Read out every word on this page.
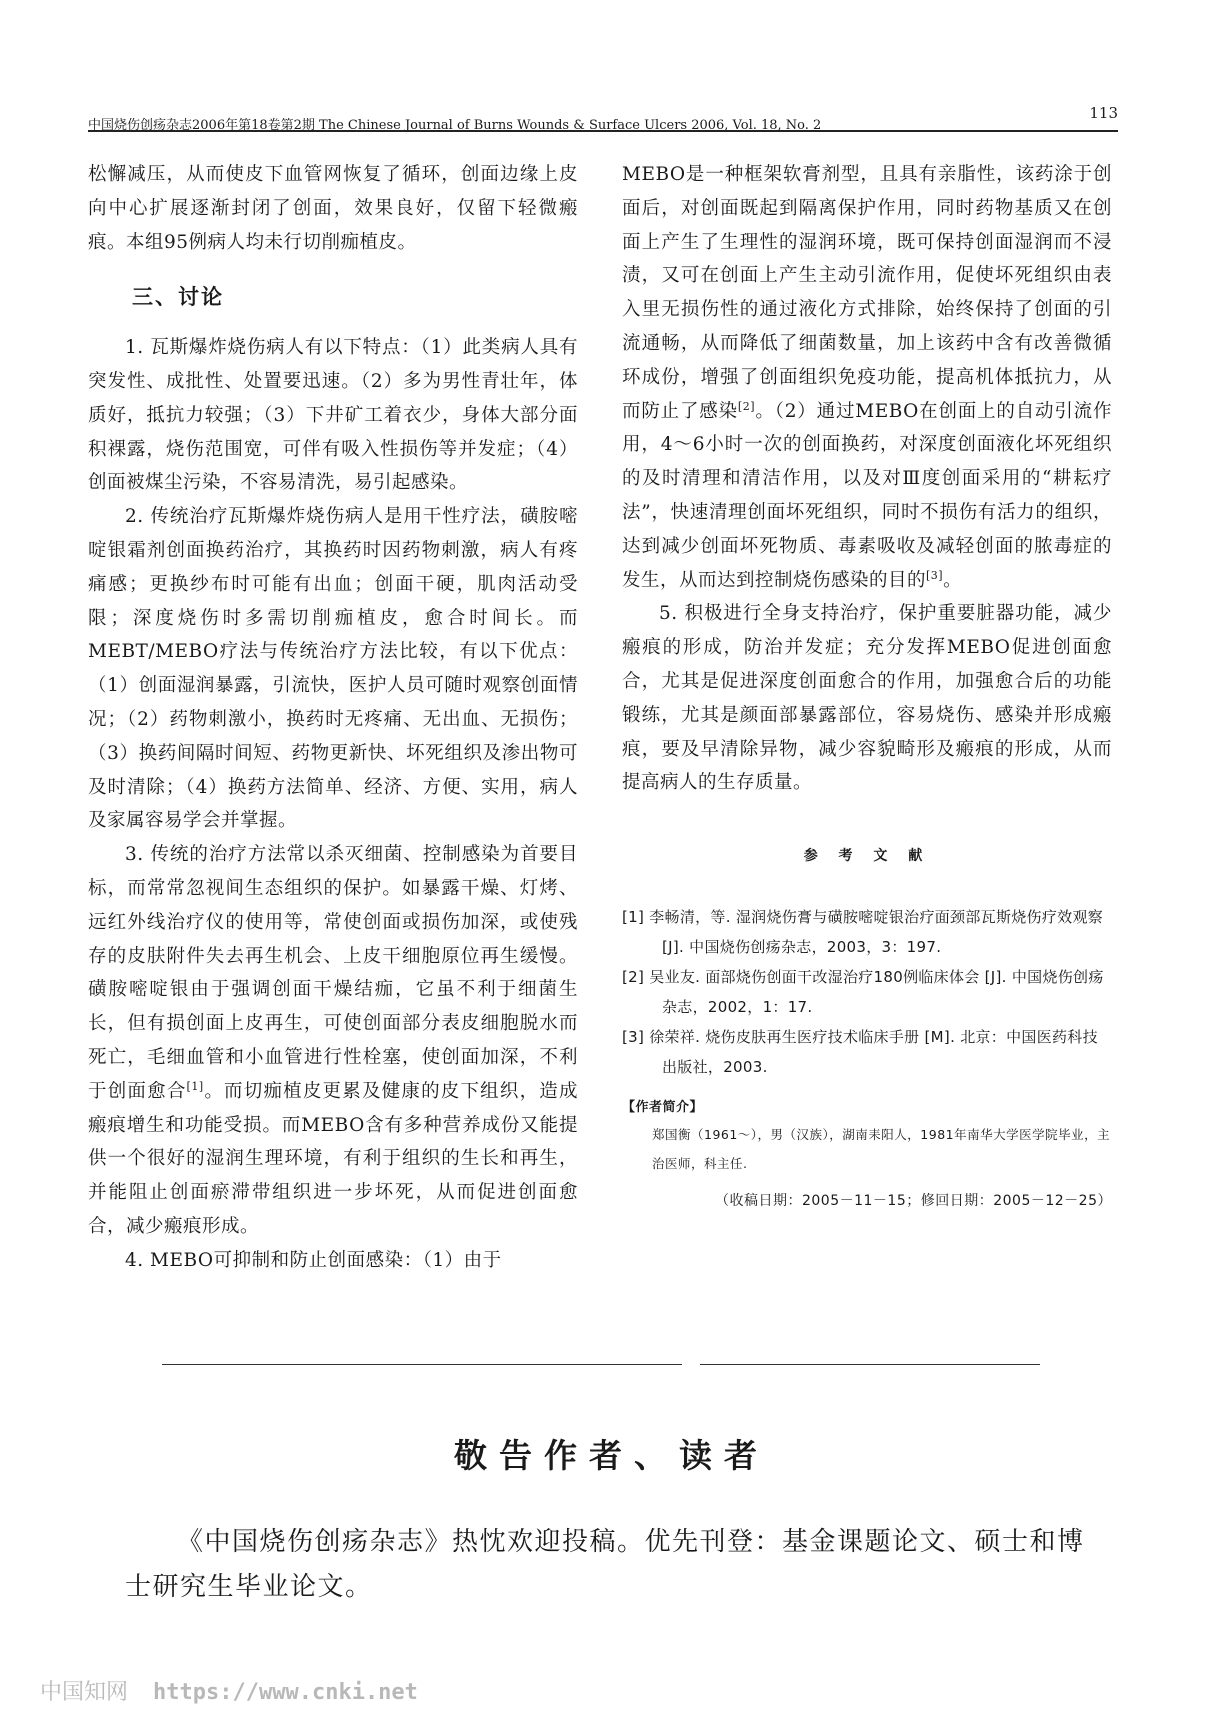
中国烧伤创疡杂志2006年第18卷第2期 The Chinese Journal of Burns Wounds & Surface Ulcers 2006, Vol. 18, No. 2
113

松懈减压，从而使皮下血管网恢复了循环，创面边缘上皮向中心扩展逐渐封闭了创面，效果良好，仅留下轻微瘢痕。本组95例病人均未行切削痂植皮。

三、讨论

1. 瓦斯爆炸烧伤病人有以下特点：（1）此类病人具有突发性、成批性、处置要迅速。（2）多为男性青壮年，体质好，抵抗力较强；（3）下井矿工着衣少，身体大部分面积裸露，烧伤范围宽，可伴有吸入性损伤等并发症；（4）创面被煤尘污染，不容易清洗，易引起感染。

2. 传统治疗瓦斯爆炸烧伤病人是用干性疗法，磺胺嘧啶银霜剂创面换药治疗，其换药时因药物刺激，病人有疼痛感；更换纱布时可能有出血；创面干硬，肌肉活动受限；深度烧伤时多需切削痂植皮，愈合时间长。而MEBT/MEBO疗法与传统治疗方法比较，有以下优点：（1）创面湿润暴露，引流快，医护人员可随时观察创面情况；（2）药物刺激小，换药时无疼痛、无出血、无损伤；（3）换药间隔时间短、药物更新快、坏死组织及渗出物可及时清除；（4）换药方法简单、经济、方便、实用，病人及家属容易学会并掌握。

3. 传统的治疗方法常以杀灭细菌、控制感染为首要目标，而常常忽视间生态组织的保护。如暴露干燥、灯烤、远红外线治疗仪的使用等，常使创面或损伤加深，或使残存的皮肤附件失去再生机会、上皮干细胞原位再生缓慢。磺胺嘧啶银由于强调创面干燥结痂，它虽不利于细菌生长，但有损创面上皮再生，可使创面部分表皮细胞脱水而死亡，毛细血管和小血管进行性栓塞，使创面加深，不利于创面愈合[1]。而切痂植皮更累及健康的皮下组织，造成瘢痕增生和功能受损。而MEBO含有多种营养成份又能提供一个很好的湿润生理环境，有利于组织的生长和再生，并能阻止创面瘀滞带组织进一步坏死，从而促进创面愈合，减少瘢痕形成。

4. MEBO可抑制和防止创面感染：（1）由于

MEBO是一种框架软膏剂型，且具有亲脂性，该药涂于创面后，对创面既起到隔离保护作用，同时药物基质又在创面上产生了生理性的湿润环境，既可保持创面湿润而不浸渍，又可在创面上产生主动引流作用，促使坏死组织由表入里无损伤性的通过液化方式排除，始终保持了创面的引流通畅，从而降低了细菌数量，加上该药中含有改善微循环成份，增强了创面组织免疫功能，提高机体抵抗力，从而防止了感染[2]。（2）通过MEBO在创面上的自动引流作用，4～6小时一次的创面换药，对深度创面液化坏死组织的及时清理和清洁作用，以及对Ⅲ度创面采用的“耕耘疗法”，快速清理创面坏死组织，同时不损伤有活力的组织，达到减少创面坏死物质、毒素吸收及减轻创面的脓毒症的发生，从而达到控制烧伤感染的目的[3]。

5. 积极进行全身支持治疗，保护重要脏器功能，减少瘢痕的形成，防治并发症；充分发挥MEBO促进创面愈合，尤其是促进深度创面愈合的作用，加强愈合后的功能锻练，尤其是颜面部暴露部位，容易烧伤、感染并形成瘢痕，要及早清除异物，减少容貌畸形及瘢痕的形成，从而提高病人的生存质量。

参 考 文 献

[1] 李畅清，等. 湿润烧伤膏与磺胺嘧啶银治疗面颈部瓦斯烧伤疗效观察 [J]. 中国烧伤创疡杂志，2003，3：197.

[2] 吴业友. 面部烧伤创面干改湿治疗180例临床体会 [J]. 中国烧伤创疡杂志，2002，1：17.

[3] 徐荣祥. 烧伤皮肤再生医疗技术临床手册 [M]. 北京：中国医药科技出版社，2003.

【作者简介】

郑国衡（1961～），男（汉族），湖南耒阳人，1981年南华大学医学院毕业，主治医师，科主任.

（收稿日期：2005－11－15；修回日期：2005－12－25）

敬告作者、读者

《中国烧伤创疡杂志》热忱欢迎投稿。优先刊登：基金课题论文、硕士和博士研究生毕业论文。

中国知网 https://www.cnki.net
